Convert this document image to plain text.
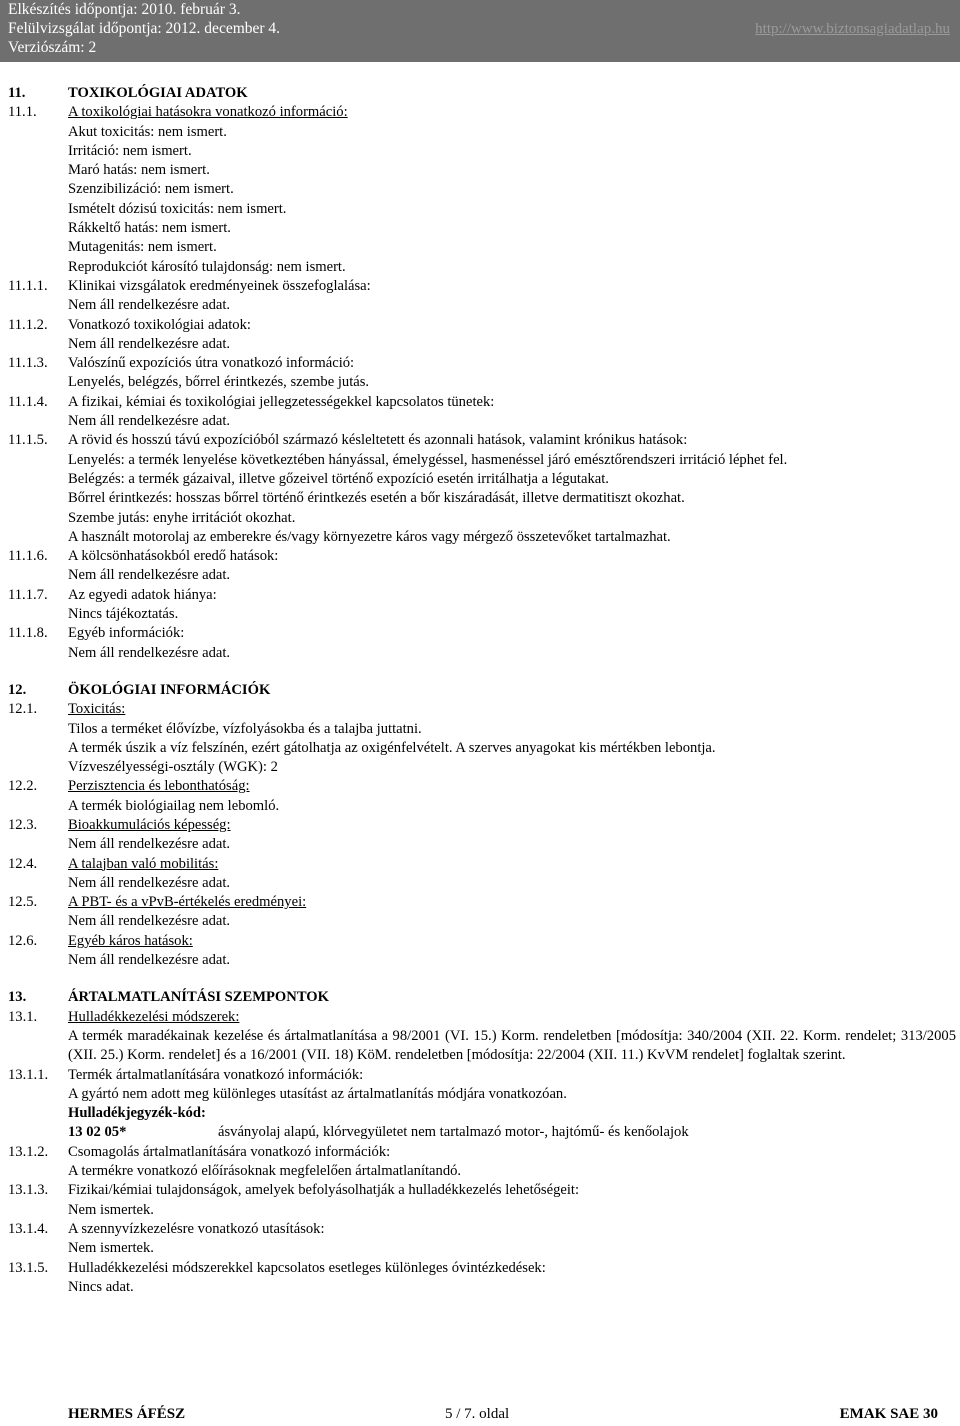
Elkészítés időpontja: 2010. február 3.
Felülvizsgálat időpontja: 2012. december 4.
Verziószám: 2
http://www.biztonsagiadatlap.hu
11.	TOXIKOLÓGIAI ADATOK
11.1.	A toxikológiai hatásokra vonatkozó információ:
Akut toxicitás: nem ismert.
Irritáció: nem ismert.
Maró hatás: nem ismert.
Szenzibilizáció: nem ismert.
Ismételt dózisú toxicitás: nem ismert.
Rákkeltő hatás: nem ismert.
Mutagenitás: nem ismert.
Reprodukciót károsító tulajdonság: nem ismert.
11.1.1.	Klinikai vizsgálatok eredményeinek összefoglalása:
Nem áll rendelkezésre adat.
11.1.2.	Vonatkozó toxikológiai adatok:
Nem áll rendelkezésre adat.
11.1.3.	Valószínű expozíciós útra vonatkozó információ:
Lenyelés, belégzés, bőrrel érintkezés, szembe jutás.
11.1.4.	A fizikai, kémiai és toxikológiai jellegzetességekkel kapcsolatos tünetek:
Nem áll rendelkezésre adat.
11.1.5.	A rövid és hosszú távú expozícióból származó késleltetett és azonnali hatások, valamint krónikus hatások:
Lenyelés: a termék lenyelése következtében hányással, émelygéssel, hasmenéssel járó emésztőrendszeri irritáció léphet fel.
Belégzés: a termék gázaival, illetve gőzeivel történő expozíció esetén irritálhatja a légutakat.
Bőrrel érintkezés: hosszas bőrrel történő érintkezés esetén a bőr kiszáradását, illetve dermatitiszt okozhat.
Szembe jutás: enyhe irritációt okozhat.
A használt motorolaj az emberekre és/vagy környezetre káros vagy mérgező összetevőket tartalmazhat.
11.1.6.	A kölcsönhatásokból eredő hatások:
Nem áll rendelkezésre adat.
11.1.7.	Az egyedi adatok hiánya:
Nincs tájékoztatás.
11.1.8.	Egyéb információk:
Nem áll rendelkezésre adat.
12.	ÖKOLÓGIAI INFORMÁCIÓK
12.1.	Toxicitás:
Tilos a terméket élővízbe, vízfolyásokba és a talajba juttatni.
A termék úszik a víz felszínén, ezért gátolhatja az oxigénfelvételt. A szerves anyagokat kis mértékben lebontja.
Vízveszélyességi-osztály (WGK): 2
12.2.	Perzisztencia és lebonthatóság:
A termék biológiailag nem lebomló.
12.3.	Bioakkumulációs képesség:
Nem áll rendelkezésre adat.
12.4.	A talajban való mobilitás:
Nem áll rendelkezésre adat.
12.5.	A PBT- és a vPvB-értékelés eredményei:
Nem áll rendelkezésre adat.
12.6.	Egyéb káros hatások:
Nem áll rendelkezésre adat.
13.	ÁRTALMATLANÍTÁSI SZEMPONTOK
13.1.	Hulladékkezelési módszerek:
A termék maradékainak kezelése és ártalmatlanítása a 98/2001 (VI. 15.) Korm. rendeletben [módosítja: 340/2004 (XII. 22. Korm. rendelet; 313/2005 (XII. 25.) Korm. rendelet] és a 16/2001 (VII. 18) KöM. rendeletben [módosítja: 22/2004 (XII. 11.) KvVM rendelet] foglaltak szerint.
13.1.1.	Termék ártalmatlanítására vonatkozó információk:
A gyártó nem adott meg különleges utasítást az ártalmatlanítás módjára vonatkozóan.
Hulladékjegyzék-kód:
13 02 05*	ásványolaj alapú, klórvegyületet nem tartalmazó motor-, hajtómű- és kenőolajok
13.1.2.	Csomagolás ártalmatlanítására vonatkozó információk:
A termékre vonatkozó előírásoknak megfelelően ártalmatlanítandó.
13.1.3.	Fizikai/kémiai tulajdonságok, amelyek befolyásolhatják a hulladékkezelés lehetőségeit:
Nem ismertek.
13.1.4.	A szennyvízkezelésre vonatkozó utasítások:
Nem ismertek.
13.1.5.	Hulladékkezelési módszerekkel kapcsolatos esetleges különleges óvintézkedések:
Nincs adat.
HERMES ÁFÉSZ	5 / 7. oldal	EMAK SAE 30
